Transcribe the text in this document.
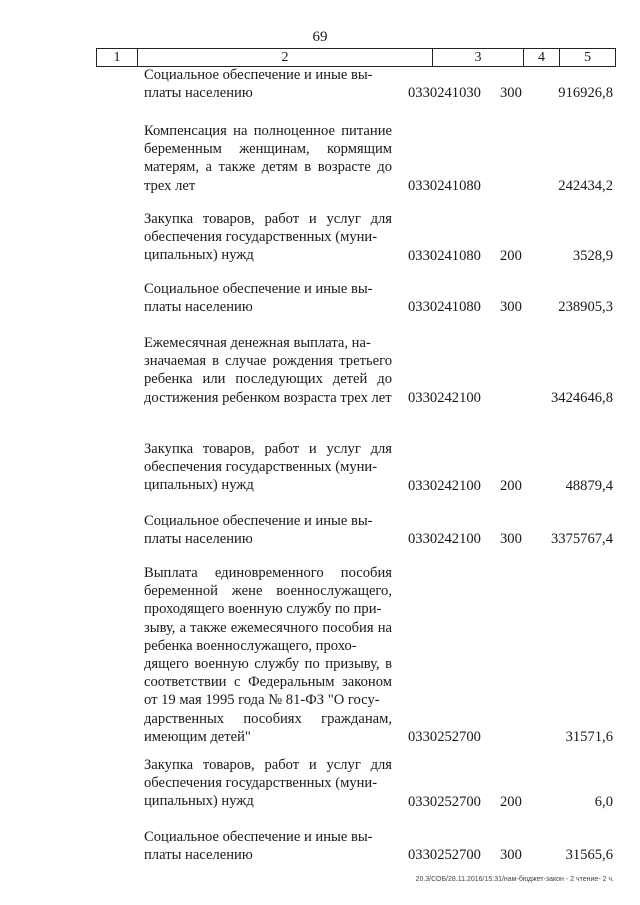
69
1	2	3	4	5
Социальное обеспечение и иные вы-
платы населению	0330241030 300 916926,8
Компенсация на полноценное питание беременным женщинам, кормящим матерям, а также детям в возрасте до трех лет	0330241080	242434,2
Закупка товаров, работ и услуг для обеспечения государственных (муни-
ципальных) нужд	0330241080 200	3528,9
Социальное обеспечение и иные вы-
платы населению	0330241080 300 238905,3
Ежемесячная денежная выплата, на-
значаемая в случае рождения третьего ребенка или последующих детей до достижения ребенком возраста трех лет 0330242100	3424646,8
Закупка товаров, работ и услуг для обеспечения государственных (муни-
ципальных) нужд	0330242100 200	48879,4
Социальное обеспечение и иные вы-
платы населению	0330242100 300 3375767,4
Выплата единовременного пособия беременной жене военнослужащего, проходящего военную службу по при-
зыву, а также ежемесячного пособия на ребенка военнослужащего, прохо-
дящего военную службу по призыву, в соответствии с Федеральным законом от 19 мая 1995 года № 81-ФЗ "О госу-
дарственных пособиях гражданам, имеющим детей"	0330252700	31571,6
Закупка товаров, работ и услуг для обеспечения государственных (муни-
ципальных) нужд	0330252700 200	6,0
Социальное обеспечение и иные вы-
платы населению	0330252700 300	31565,6
20.3/СОБ/28.11.2016/15:31/нам-бюджет-закон - 2 чтение- 2 ч.
